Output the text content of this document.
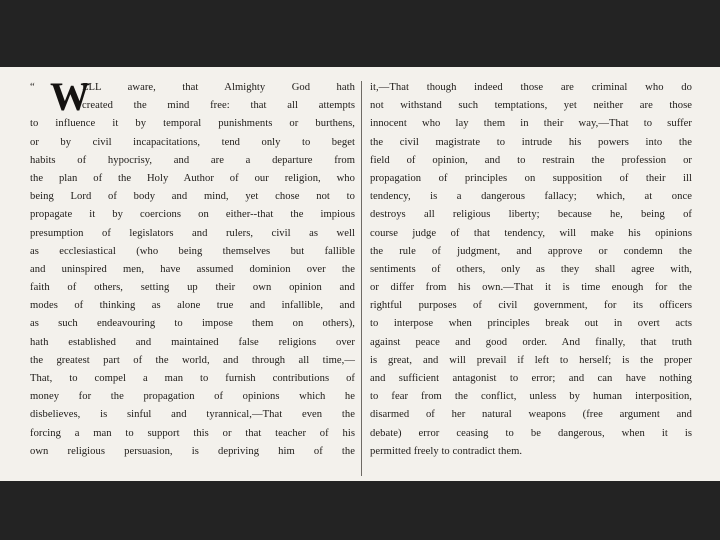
“ W
ELL aware, that Almighty God hath
created the mind free: that all attempts
to influence it by temporal punishments or burthens,
or by civil incapacitations, tend only to beget
habits of hypocrisy, and are a departure from
the plan of the Holy Author of our religion, who
being Lord of body and mind, yet chose not to
propagate it by coercions on either--that the impious
presumption of legislators and rulers, civil as well
as ecclesiastical (who being themselves but fallible
and uninspired men, have assumed dominion over the
faith of others, setting up their own opinion and
modes of thinking as alone true and infallible, and
as such endeavouring to impose them on others),
hath established and maintained false religions over
the greatest part of the world, and through all time,—
That, to compel a man to furnish contributions of
money for the propagation of opinions which he
disbelieves, is sinful and tyrannical,—That even the
forcing a man to support this or that teacher of his
own religious persuasion, is depriving him of the
it,—That though indeed those are criminal who do
not withstand such temptations, yet neither are those
innocent who lay them in their way,—That to suffer
the civil magistrate to intrude his powers into the
field of opinion, and to restrain the profession or
propagation of principles on supposition of their ill
tendency, is a dangerous fallacy; which, at once
destroys all religious liberty; because he, being of
course judge of that tendency, will make his opinions
the rule of judgment, and approve or condemn the
sentiments of others, only as they shall agree with,
or differ from his own.—That it is time enough for the
rightful purposes of civil government, for its officers
to interpose when principles break out in overt acts
against peace and good order. And finally, that truth
is great, and will prevail if left to herself; is the proper
and sufficient antagonist to error; and can have nothing
to fear from the conflict, unless by human interposition,
disarmed of her natural weapons (free argument and
debate) error ceasing to be dangerous, when it is
permitted freely to contradict them.
